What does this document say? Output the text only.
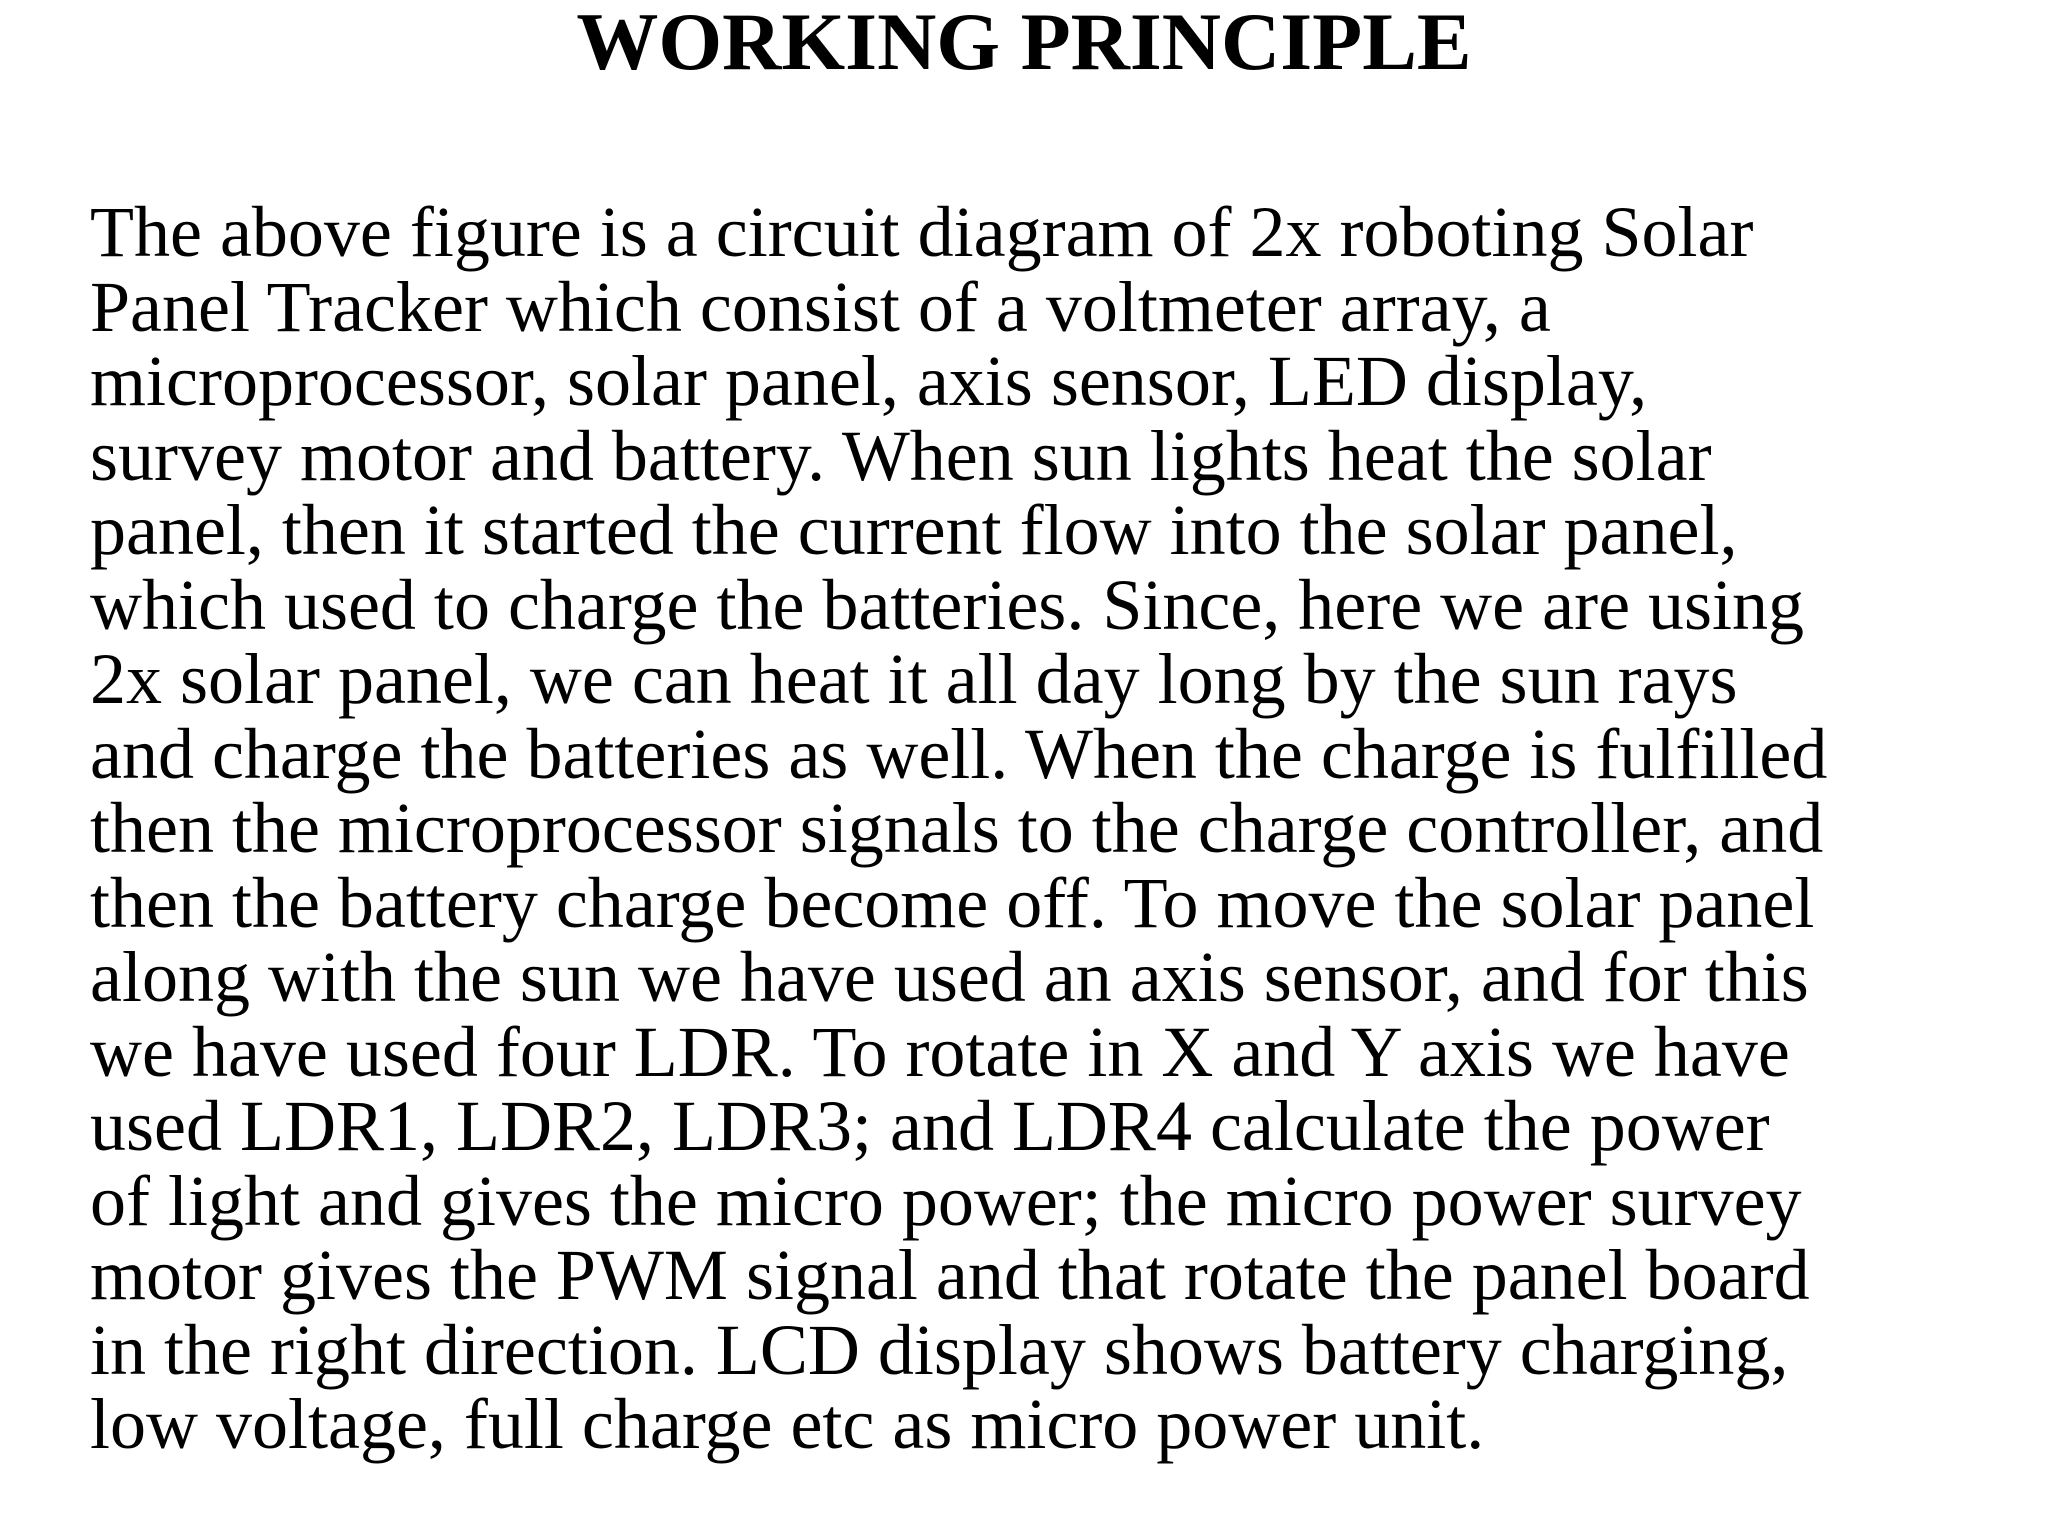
WORKING PRINCIPLE
The above figure is a circuit diagram of 2x roboting Solar
Panel Tracker which consist of a voltmeter array, a
microprocessor, solar panel, axis sensor, LED display,
survey motor and battery. When sun lights heat the solar
panel, then it started the current flow into the solar panel,
which used to charge the batteries. Since, here we are using
2x solar panel, we can heat it all day long by the sun rays
and charge the batteries as well. When the charge is fulfilled
then the microprocessor signals to the charge controller, and
then the battery charge become off. To move the solar panel
along with the sun we have used an axis sensor, and for this
we have used four LDR. To rotate in X and Y axis we have
used LDR1, LDR2, LDR3; and LDR4 calculate the power
of light and gives the micro power; the micro power survey
motor gives the PWM signal and that rotate the panel board
in the right direction. LCD display shows battery charging,
low voltage, full charge etc as micro power unit.
